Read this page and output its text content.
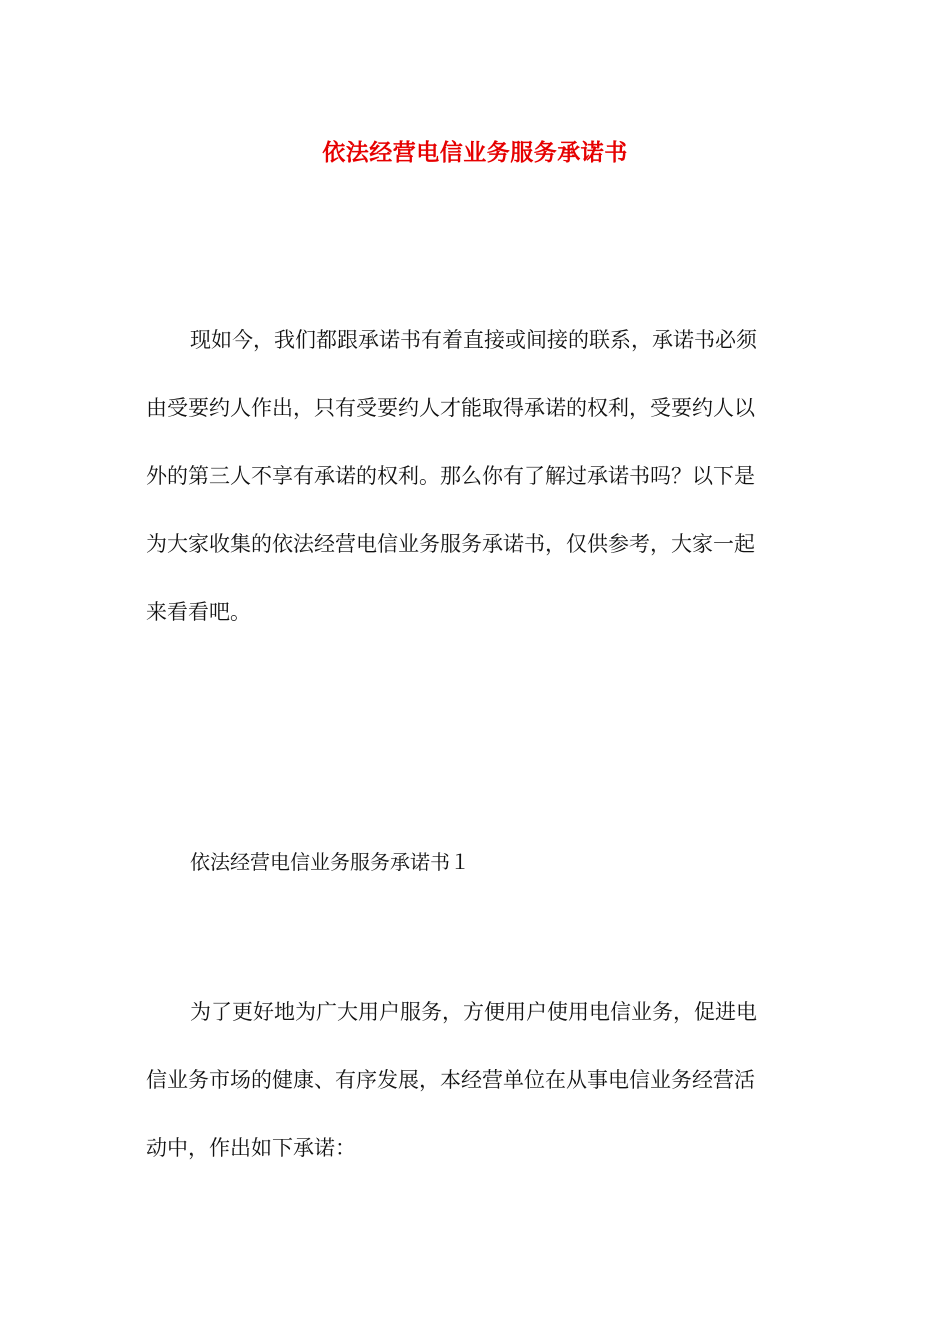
依法经营电信业务服务承诺书
现如今，我们都跟承诺书有着直接或间接的联系，承诺书必须
由受要约人作出，只有受要约人才能取得承诺的权利，受要约人以
外的第三人不享有承诺的权利。那么你有了解过承诺书吗？以下是
为大家收集的依法经营电信业务服务承诺书，仅供参考，大家一起
来看看吧。
依法经营电信业务服务承诺书１
为了更好地为广大用户服务，方便用户使用电信业务，促进电
信业务市场的健康、有序发展，本经营单位在从事电信业务经营活
动中，作出如下承诺：
